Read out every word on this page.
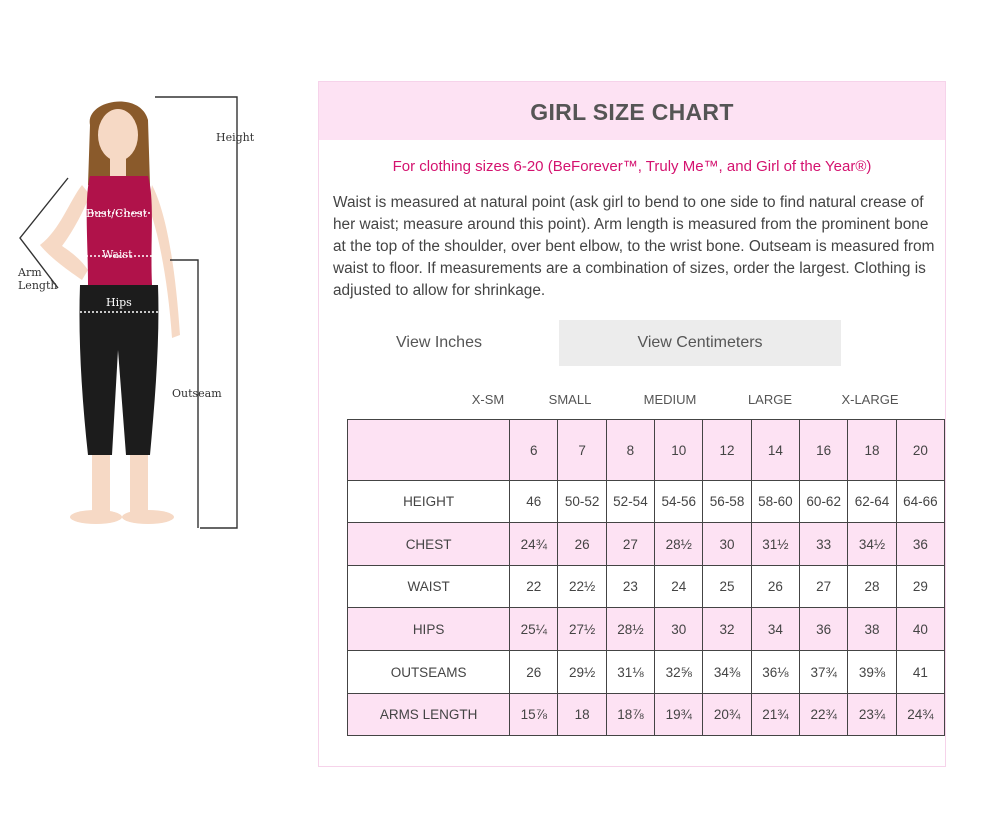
Height
Bust/Chest
Waist
Hips
Arm
Length
Outseam
GIRL SIZE CHART
For clothing sizes 6-20 (BeForever™, Truly Me™, and Girl of the Year®)

Waist is measured at natural point (ask girl to bend to one side to find natural crease of her waist; measure around this point). Arm length is measured from the prominent bone at the top of the shoulder, over bent elbow, to the wrist bone. Outseam is measured from waist to floor. If measurements are a combination of sizes, order the largest. Clothing is adjusted to allow for shrinkage.

View Inches	View Centimeters
X-SM	SMALL	MEDIUM	LARGE	X-LARGE
	6	7	8	10	12	14	16	18	20
HEIGHT	46	50-52	52-54	54-56	56-58	58-60	60-62	62-64	64-66
CHEST	24¾	26	27	28½	30	31½	33	34½	36
WAIST	22	22½	23	24	25	26	27	28	29
HIPS	25¼	27½	28½	30	32	34	36	38	40
OUTSEAMS	26	29½	31⅛	32⅝	34⅜	36⅛	37¾	39⅜	41
ARMS LENGTH	15⅞	18	18⅞	19¾	20¾	21¾	22¾	23¾	24¾
